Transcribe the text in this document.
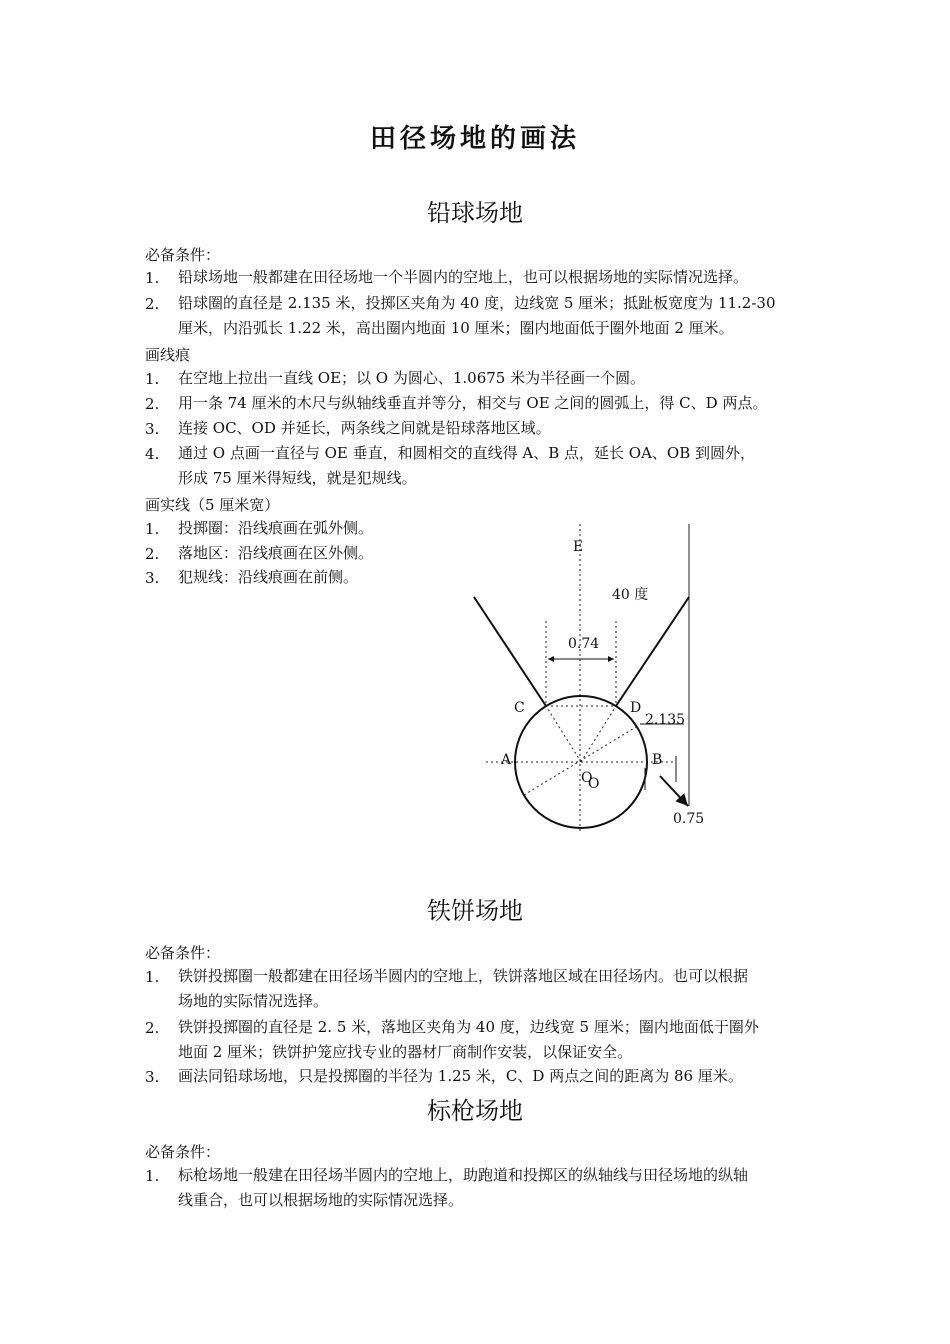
田径场地的画法
铅球场地
必备条件：
1. 铅球场地一般都建在田径场地一个半圆内的空地上，也可以根据场地的实际情况选择。
2. 铅球圈的直径是 2.135 米，投掷区夹角为 40 度，边线宽 5 厘米；抵趾板宽度为 11.2-30
厘米，内沿弧长 1.22 米，高出圈内地面 10 厘米；圈内地面低于圈外地面 2 厘米。
画线痕
1. 在空地上拉出一直线 OE；以 O 为圆心、1.0675 米为半径画一个圆。
2. 用一条 74 厘米的木尺与纵轴线垂直并等分，相交与 OE 之间的圆弧上，得 C、D 两点。
3. 连接 OC、OD 并延长，两条线之间就是铅球落地区域。
4. 通过 O 点画一直径与 OE 垂直，和圆相交的直线得 A、B 点，延长 OA、OB 到圆外，
形成 75 厘米得短线，就是犯规线。
画实线（5 厘米宽）
1. 投掷圈：沿线痕画在弧外侧。
2. 落地区：沿线痕画在区外侧。
3. 犯规线：沿线痕画在前侧。
E
40 度
0.74
C	D
2.135
A	B
O
O
0.75
铁饼场地
必备条件：
1. 铁饼投掷圈一般都建在田径场半圆内的空地上，铁饼落地区域在田径场内。也可以根据
场地的实际情况选择。
2. 铁饼投掷圈的直径是 2. 5 米，落地区夹角为 40 度，边线宽 5 厘米；圈内地面低于圈外
地面 2 厘米；铁饼护笼应找专业的器材厂商制作安装，以保证安全。
3. 画法同铅球场地，只是投掷圈的半径为 1.25 米，C、D 两点之间的距离为 86 厘米。
标枪场地
必备条件：
1. 标枪场地一般建在田径场半圆内的空地上，助跑道和投掷区的纵轴线与田径场地的纵轴
线重合，也可以根据场地的实际情况选择。
